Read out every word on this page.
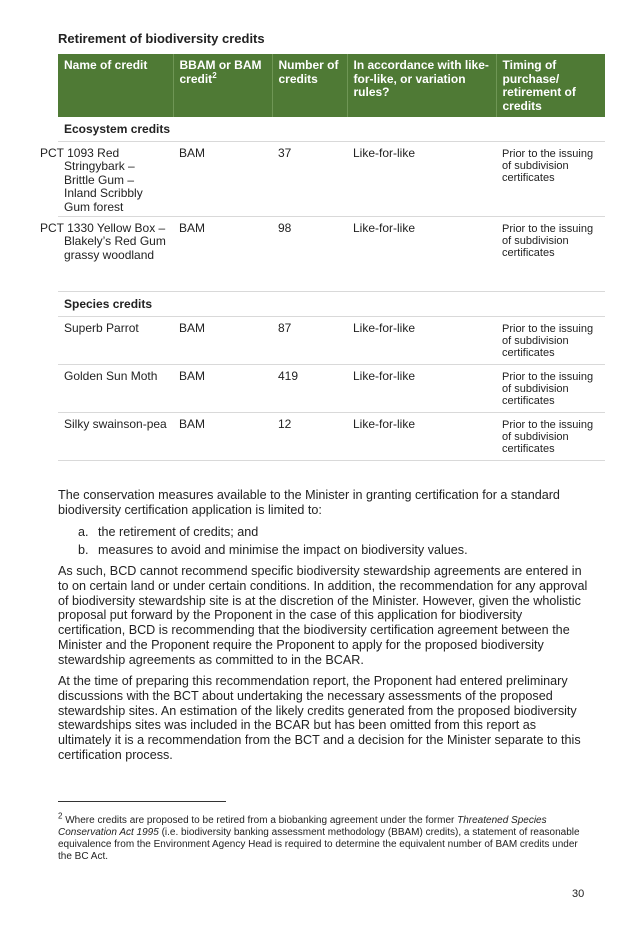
Retirement of biodiversity credits
Name of credit	BBAM or BAM credit$^2$	Number of credits	In accordance with like-for-like, or variation rules?	Timing of purchase/ retirement of credits
Ecosystem credits				
PCT 1093 Red Stringybark – Brittle Gum – Inland Scribbly Gum forest	BAM	37	Like-for-like	Prior to the issuing of subdivision certificates
PCT 1330 Yellow Box – Blakely’s Red Gum grassy woodland	BAM	98	Like-for-like	Prior to the issuing of subdivision certificates
Species credits				
Superb Parrot	BAM	87	Like-for-like	Prior to the issuing of subdivision certificates
Golden Sun Moth	BAM	419	Like-for-like	Prior to the issuing of subdivision certificates
Silky swainson-pea	BAM	12	Like-for-like	Prior to the issuing of subdivision certificates
The conservation measures available to the Minister in granting certification for a standard biodiversity certification application is limited to:
a. the retirement of credits; and
b. measures to avoid and minimise the impact on biodiversity values.
As such, BCD cannot recommend specific biodiversity stewardship agreements are entered in to on certain land or under certain conditions. In addition, the recommendation for any approval of biodiversity stewardship site is at the discretion of the Minister. However, given the wholistic proposal put forward by the Proponent in the case of this application for biodiversity certification, BCD is recommending that the biodiversity certification agreement between the Minister and the Proponent require the Proponent to apply for the proposed biodiversity stewardship agreements as committed to in the BCAR.
At the time of preparing this recommendation report, the Proponent had entered preliminary discussions with the BCT about undertaking the necessary assessments of the proposed stewardship sites. An estimation of the likely credits generated from the proposed biodiversity stewardships sites was included in the BCAR but has been omitted from this report as ultimately it is a recommendation from the BCT and a decision for the Minister separate to this certification process.
$^2$ Where credits are proposed to be retired from a biobanking agreement under the former Threatened Species Conservation Act 1995 (i.e. biodiversity banking assessment methodology (BBAM) credits), a statement of reasonable equivalence from the Environment Agency Head is required to determine the equivalent number of BAM credits under the BC Act.
30
